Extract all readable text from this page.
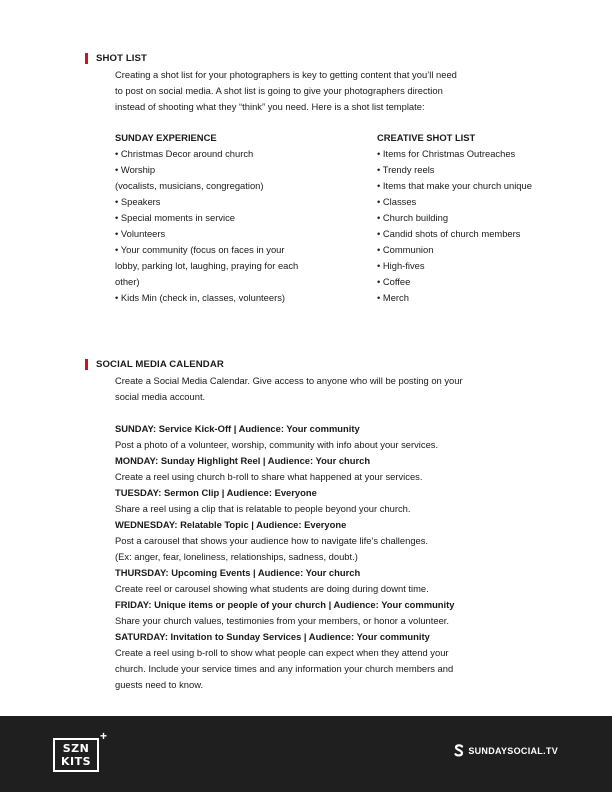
SHOT LIST
Creating a shot list for your photographers is key to getting content that you’ll need
to post on social media. A shot list is going to give your photographers direction
instead of shooting what they “think” you need. Here is a shot list template:
SUNDAY EXPERIENCE
• Christmas Decor around church
• Worship
(vocalists, musicians, congregation)
• Speakers
• Special moments in service
• Volunteers
• Your community (focus on faces in your
lobby, parking lot, laughing, praying for each
other)
• Kids Min (check in, classes, volunteers)
CREATIVE SHOT LIST
• Items for Christmas Outreaches
• Trendy reels
• Items that make your church unique
• Classes
• Church building
• Candid shots of church members
• Communion
• High-fives
• Coffee
• Merch
SOCIAL MEDIA CALENDAR
Create a Social Media Calendar. Give access to anyone who will be posting on your
social media account.
SUNDAY: Service Kick-Off | Audience: Your community
Post a photo of a volunteer, worship, community with info about your services.
MONDAY: Sunday Highlight Reel | Audience: Your church
Create a reel using church b-roll to share what happened at your services.
TUESDAY: Sermon Clip | Audience: Everyone
Share a reel using a clip that is relatable to people beyond your church.
WEDNESDAY: Relatable Topic | Audience: Everyone
Post a carousel that shows your audience how to navigate life’s challenges.
(Ex: anger, fear, loneliness, relationships, sadness, doubt.)
THURSDAY: Upcoming Events | Audience: Your church
Create reel or carousel showing what students are doing during downt time.
FRIDAY: Unique items or people of your church | Audience: Your community
Share your church values, testimonies from your members, or honor a volunteer.
SATURDAY: Invitation to Sunday Services | Audience: Your community
Create a reel using b-roll to show what people can expect when they attend your
church. Include your service times and any information your church members and
guests need to know.
SZN
KITS
+
SUNDAYSOCIAL.TV
